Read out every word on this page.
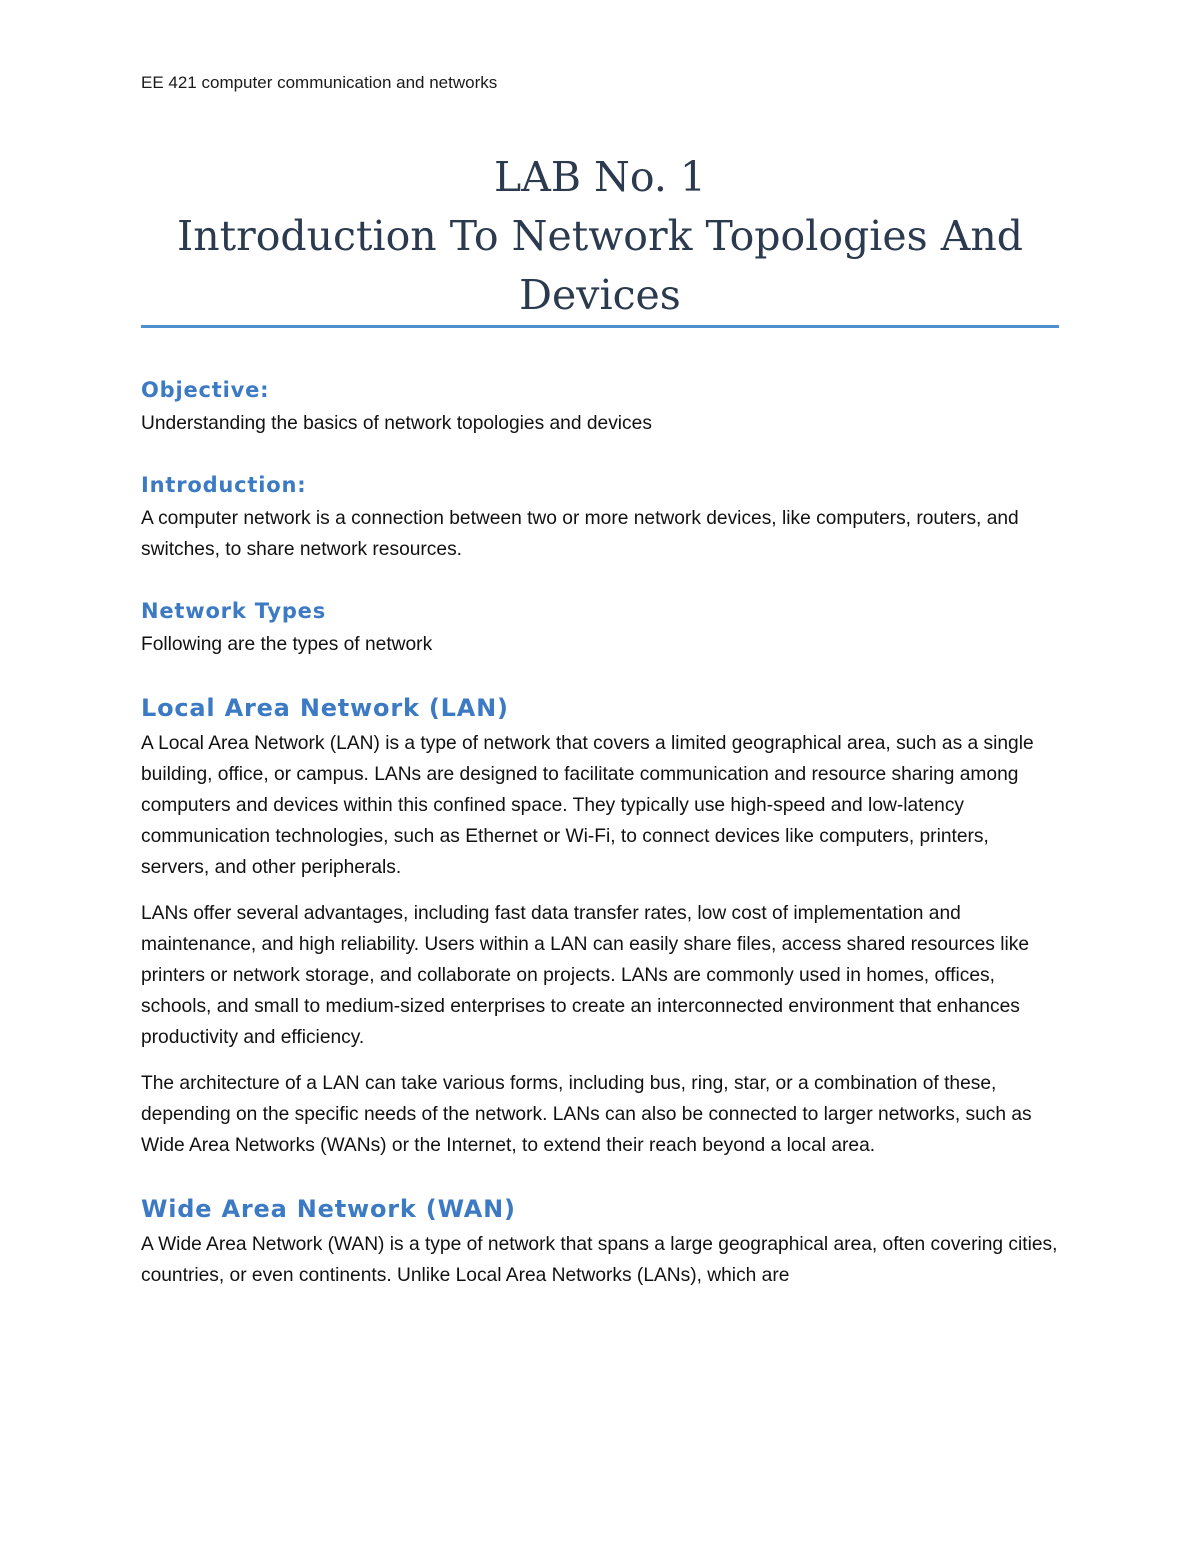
EE 421 computer communication and networks
LAB No. 1
Introduction To Network Topologies And
Devices
Objective:

Understanding the basics of network topologies and devices

Introduction:

A computer network is a connection between two or more network devices, like computers, routers, and switches, to share network resources.

Network Types

Following are the types of network

Local Area Network (LAN)

A Local Area Network (LAN) is a type of network that covers a limited geographical area, such as a single building, office, or campus. LANs are designed to facilitate communication and resource sharing among computers and devices within this confined space. They typically use high-speed and low-latency communication technologies, such as Ethernet or Wi-Fi, to connect devices like computers, printers, servers, and other peripherals.

LANs offer several advantages, including fast data transfer rates, low cost of implementation and maintenance, and high reliability. Users within a LAN can easily share files, access shared resources like printers or network storage, and collaborate on projects. LANs are commonly used in homes, offices, schools, and small to medium-sized enterprises to create an interconnected environment that enhances productivity and efficiency.

The architecture of a LAN can take various forms, including bus, ring, star, or a combination of these, depending on the specific needs of the network. LANs can also be connected to larger networks, such as Wide Area Networks (WANs) or the Internet, to extend their reach beyond a local area.

Wide Area Network (WAN)

A Wide Area Network (WAN) is a type of network that spans a large geographical area, often covering cities, countries, or even continents. Unlike Local Area Networks (LANs), which are
